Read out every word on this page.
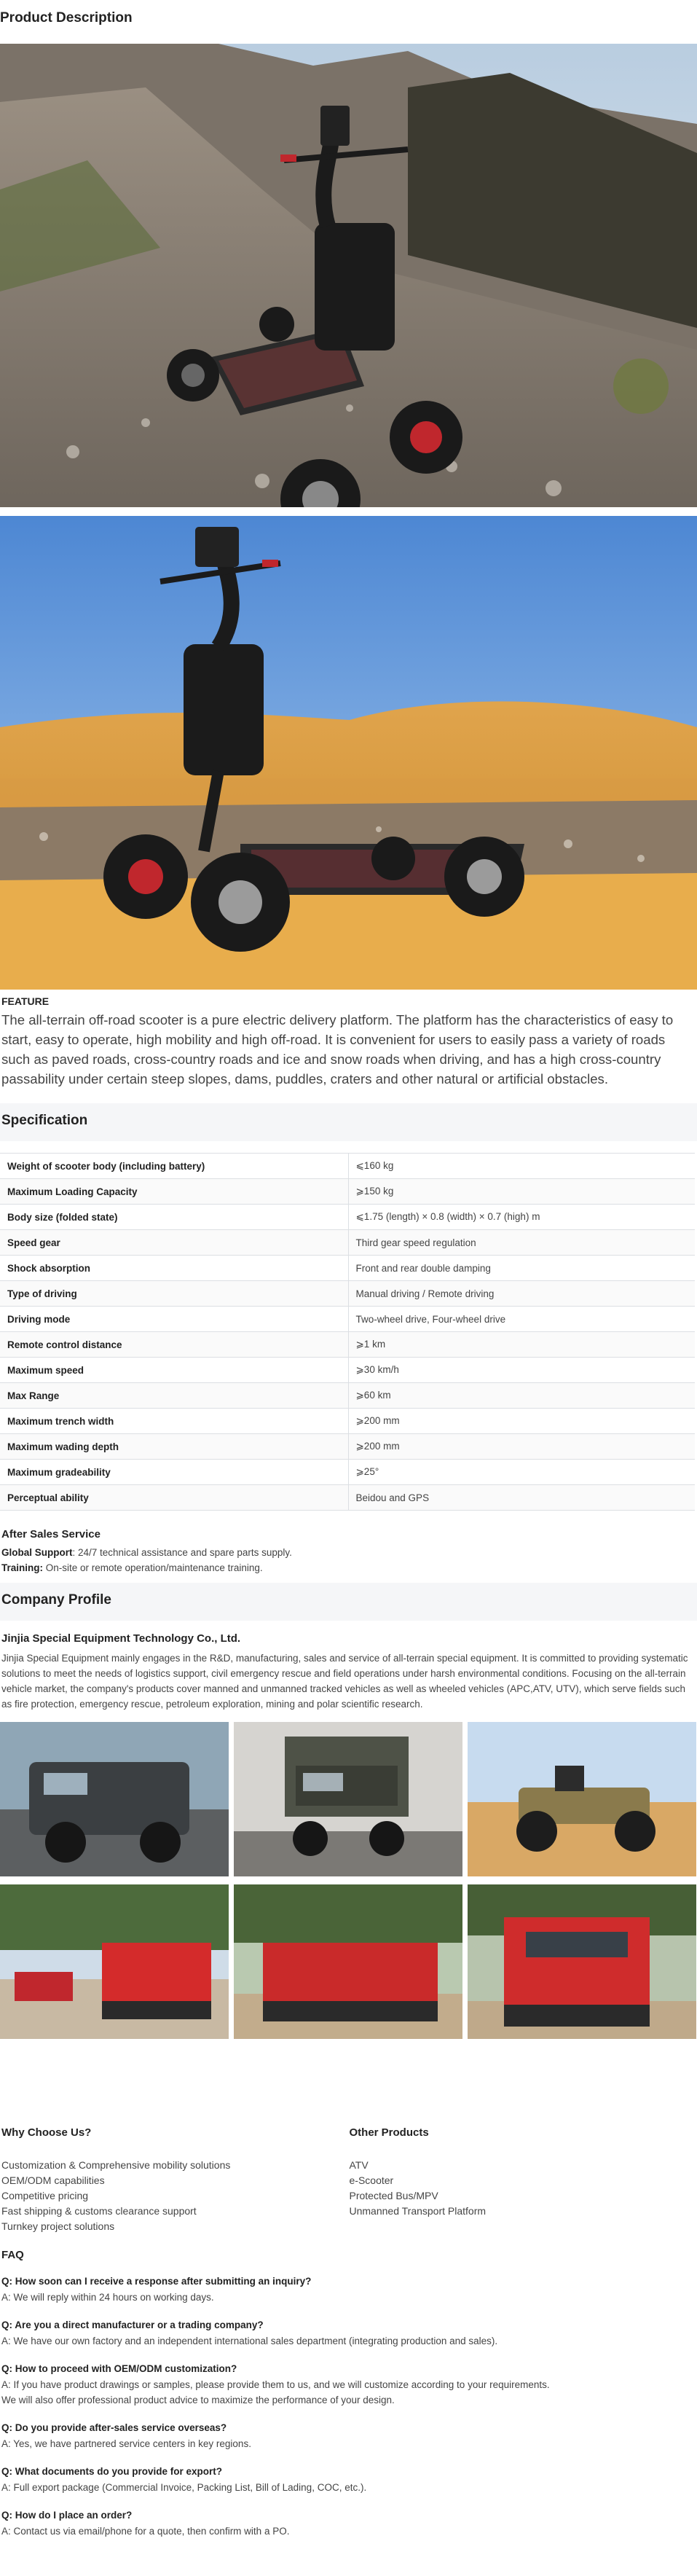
Product Description
FEATURE
The all-terrain off-road scooter is a pure electric delivery platform. The platform has the characteristics of easy to start, easy to operate, high mobility and high off-road. It is convenient for users to easily pass a variety of roads such as paved roads, cross-country roads and ice and snow roads when driving, and has a high cross-country passability under certain steep slopes, dams, puddles, craters and other natural or artificial obstacles.
Specification
Weight of scooter body (including battery)	⩽160 kg
Maximum Loading Capacity	⩾150 kg
Body size (folded state)	⩽1.75 (length) × 0.8 (width) × 0.7 (high) m
Speed gear	Third gear speed regulation
Shock absorption	Front and rear double damping
Type of driving	Manual driving / Remote driving
Driving mode	Two-wheel drive, Four-wheel drive
Remote control distance	⩾1 km
Maximum speed	⩾30 km/h
Max Range	⩾60 km
Maximum trench width	⩾200 mm
Maximum wading depth	⩾200 mm
Maximum gradeability	⩾25°
Perceptual ability	Beidou and GPS
After Sales Service

Global Support: 24/7 technical assistance and spare parts supply.

Training: On-site or remote operation/maintenance training.

Company Profile
Jinjia Special Equipment Technology Co., Ltd.

Jinjia Special Equipment mainly engages in the R&D, manufacturing, sales and service of all-terrain special equipment. It is committed to providing systematic solutions to meet the needs of logistics support, civil emergency rescue and field operations under harsh environmental conditions. Focusing on the all-terrain vehicle market, the company's products cover manned and unmanned tracked vehicles as well as wheeled vehicles (APC,ATV, UTV), which serve fields such as fire protection, emergency rescue, petroleum exploration, mining and polar scientific research.

Why Choose Us?
Customization & Comprehensive mobility solutions
OEM/ODM capabilities
Competitive pricing
Fast shipping & customs clearance support
Turnkey project solutions
Other Products
ATV
e-Scooter
Protected Bus/MPV
Unmanned Transport Platform
FAQ
Q: How soon can I receive a response after submitting an inquiry?
A: We will reply within 24 hours on working days.
Q: Are you a direct manufacturer or a trading company?
A: We have our own factory and an independent international sales department (integrating production and sales).
Q: How to proceed with OEM/ODM customization?
A: If you have product drawings or samples, please provide them to us, and we will customize according to your requirements.
We will also offer professional product advice to maximize the performance of your design.
Q: Do you provide after-sales service overseas?
A: Yes, we have partnered service centers in key regions.
Q: What documents do you provide for export?
A: Full export package (Commercial Invoice, Packing List, Bill of Lading, COC, etc.).
Q: How do I place an order?
A: Contact us via email/phone for a quote, then confirm with a PO.
